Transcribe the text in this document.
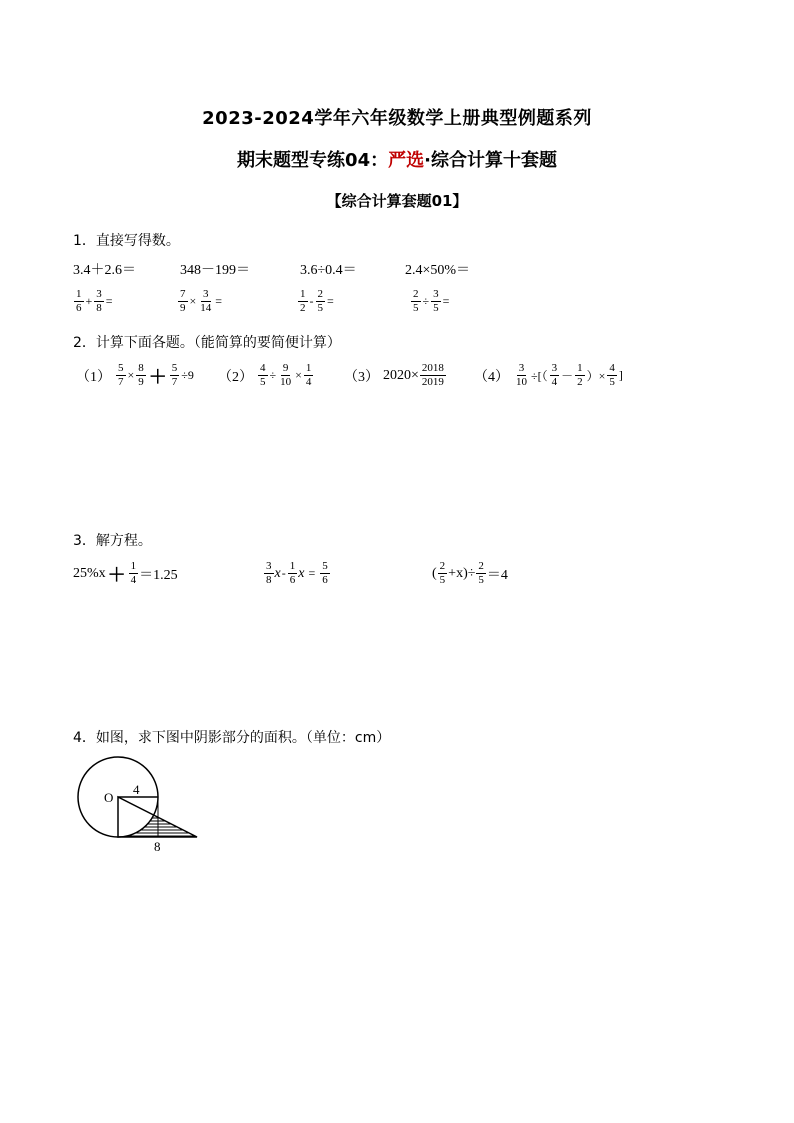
2023-2024学年六年级数学上册典型例题系列
期末题型专练04：严选·综合计算十套题
【综合计算套题01】
1．直接写得数。
3.4＋2.6＝	348－199＝	3.6÷0.4＝	2.4×50%＝
$\frac{1}{6} + \frac{3}{8}$ =	$\frac{7}{9} \times \frac{3}{14}$ =	$\frac{1}{2} - \frac{2}{5}$ =	$\frac{2}{5} \div \frac{3}{5}$ =
2．计算下面各题。（能简算的要简便计算）
$(1) \frac{5}{7} \times \frac{8}{9} + \frac{5}{7} \div 9$ $(2) \frac{4}{5} \div \frac{9}{10} \times \frac{1}{4} (3)$ $2020\times \frac{2018}{2019} (4) \frac{3}{10}$ ÷[（ $\frac{3}{4} - \frac{1}{2}$ ）× $\frac{4}{5}$ ]
3．解方程。
$25\%x + \frac{1}{4} =1.25$	$\frac{3}{8}$ x - $\frac{1}{6}$ $x = \frac{5}{6}$	( $\frac{2}{5} +x)\div \frac{2}{5} =4$
4．如图，求下图中阴影部分的面积。（单位：cm）
O
4
8
